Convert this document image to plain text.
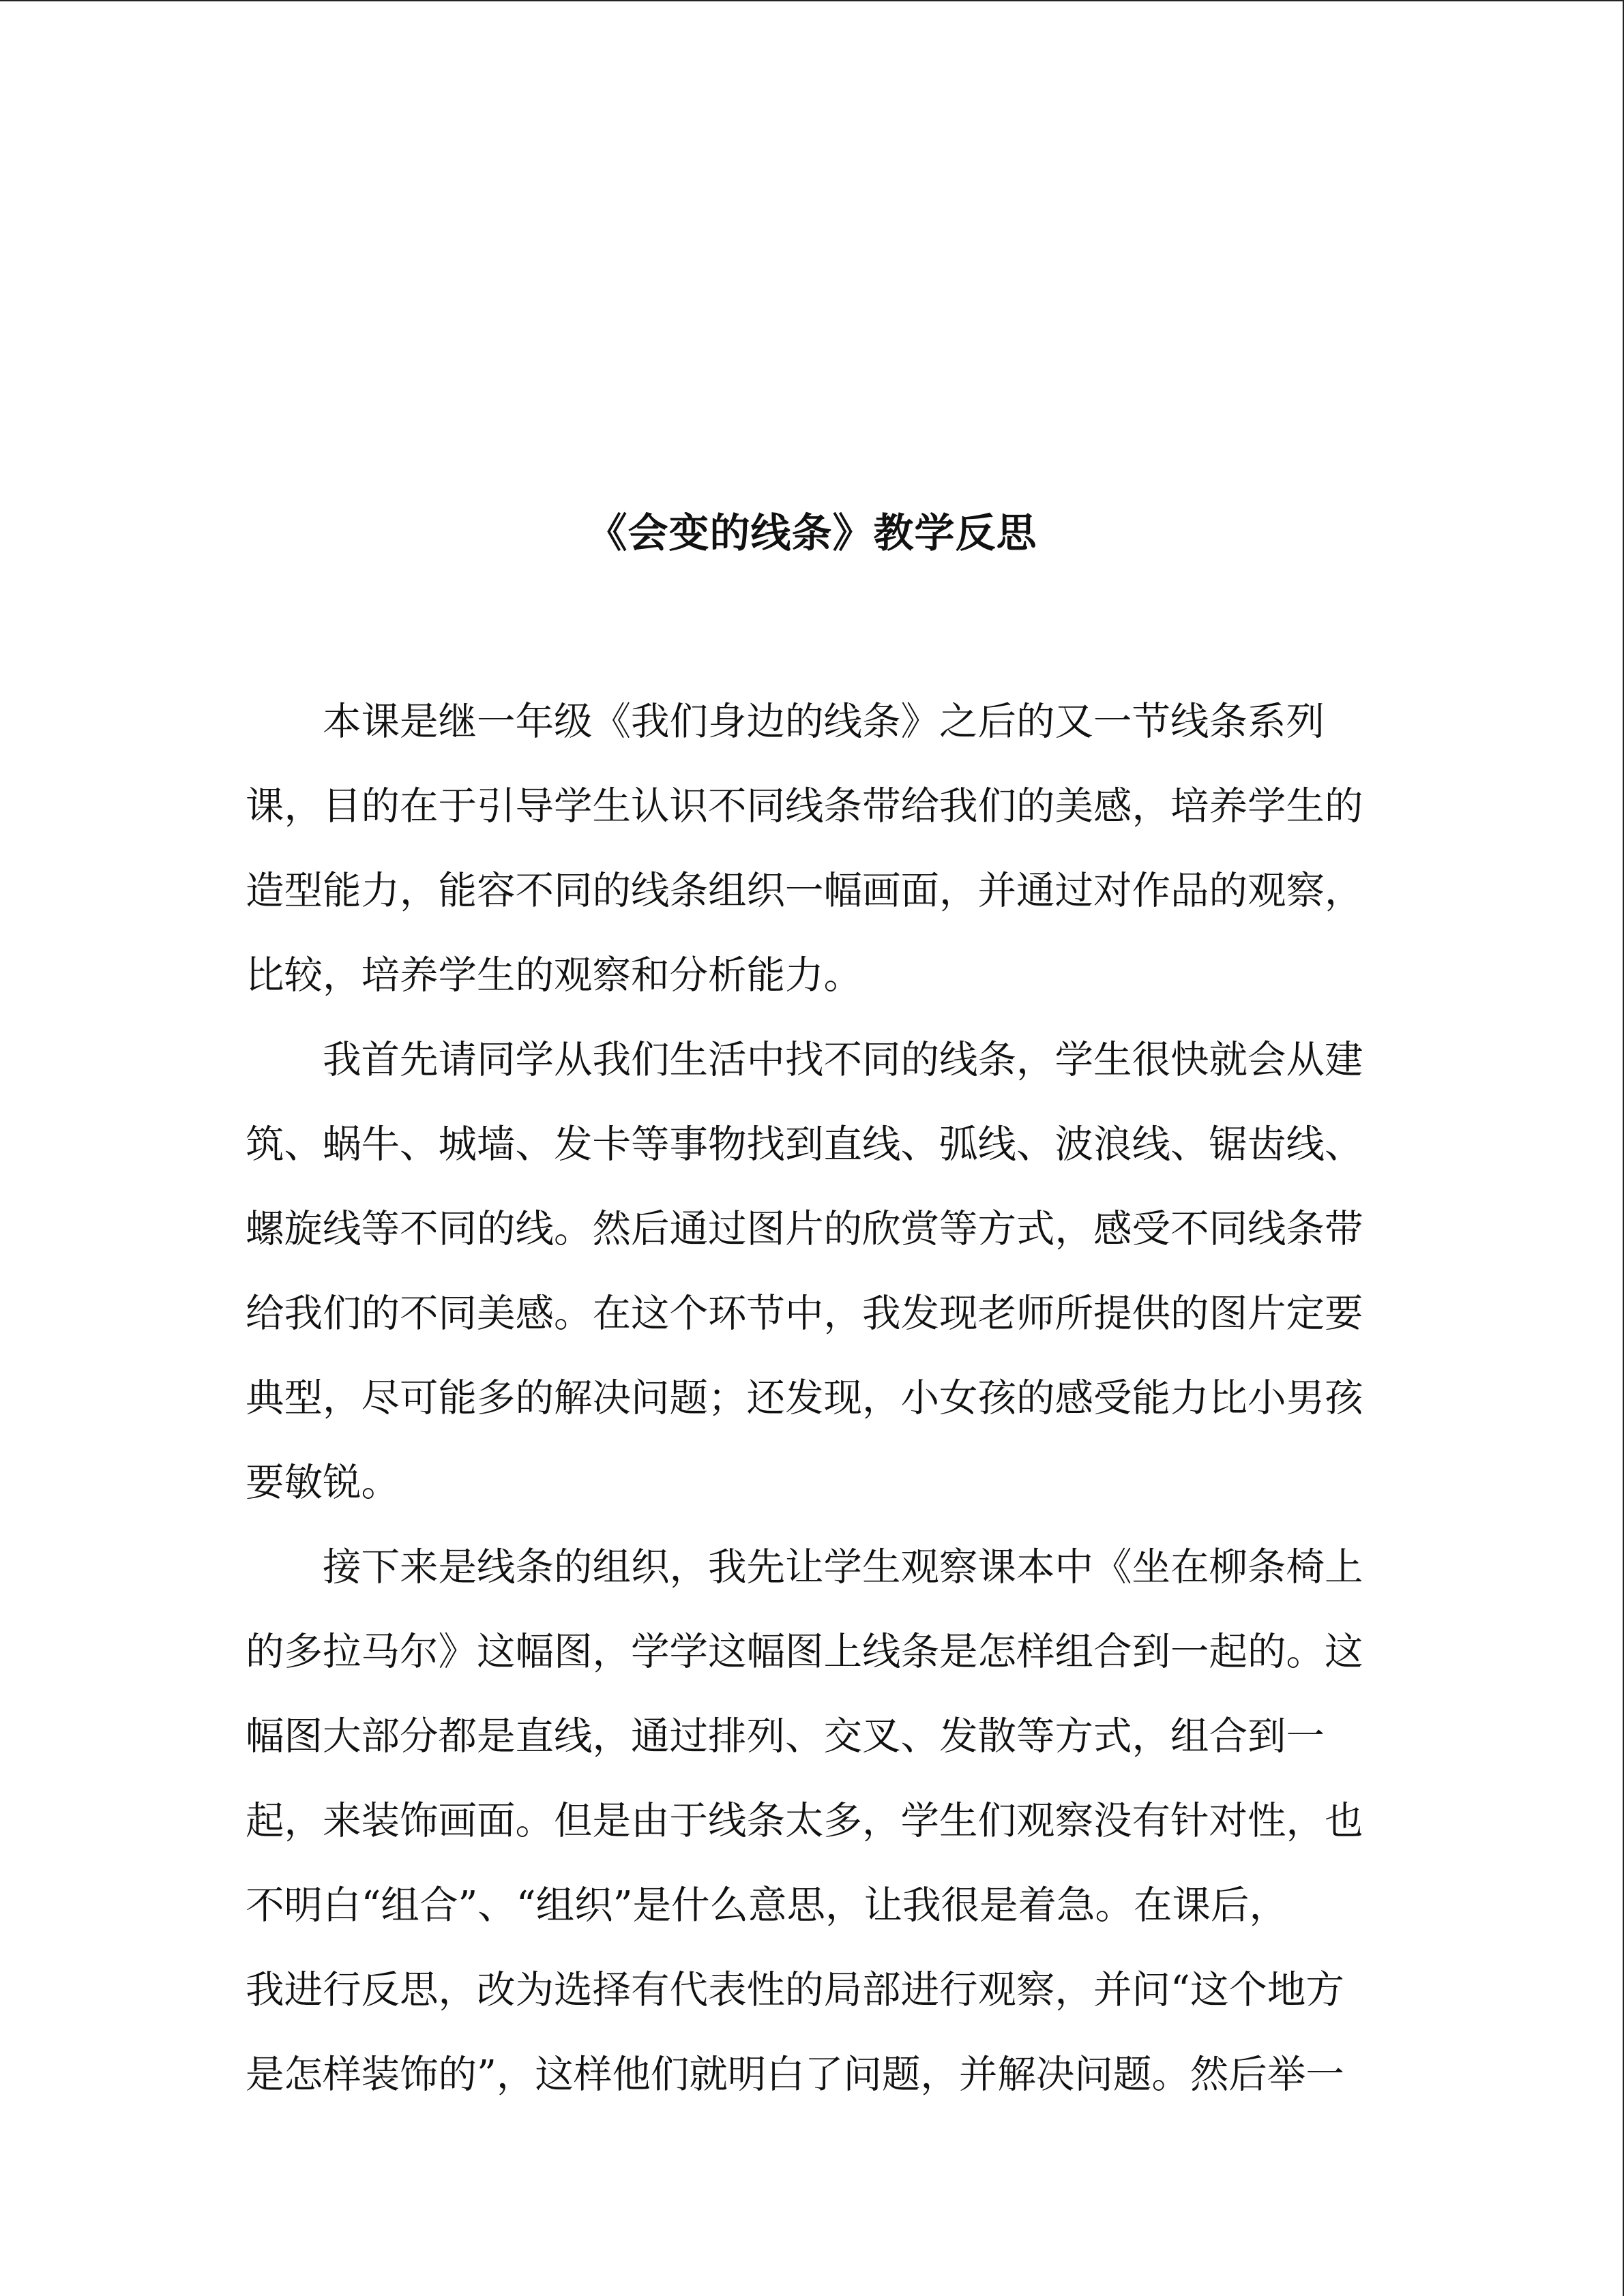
《会变的线条》教学反思
本课是继一年级《我们身边的线条》之后的又一节线条系列
课，目的在于引导学生认识不同线条带给我们的美感，培养学生的
造型能力，能容不同的线条组织一幅画面，并通过对作品的观察，
比较，培养学生的观察和分析能力。
我首先请同学从我们生活中找不同的线条，学生很快就会从建
筑、蜗牛、城墙、发卡等事物找到直线、弧线、波浪线、锯齿线、
螺旋线等不同的线。然后通过图片的欣赏等方式，感受不同线条带
给我们的不同美感。在这个环节中，我发现老师所提供的图片定要
典型，尽可能多的解决问题；还发现，小女孩的感受能力比小男孩
要敏锐。
接下来是线条的组织，我先让学生观察课本中《坐在柳条椅上
的多拉马尔》这幅图，学学这幅图上线条是怎样组合到一起的。这
幅图大部分都是直线，通过排列、交叉、发散等方式，组合到一
起，来装饰画面。但是由于线条太多，学生们观察没有针对性，也
不明白“组合”、“组织”是什么意思，让我很是着急。在课后，
我进行反思，改为选择有代表性的局部进行观察，并问“这个地方
是怎样装饰的”，这样他们就明白了问题，并解决问题。然后举一
